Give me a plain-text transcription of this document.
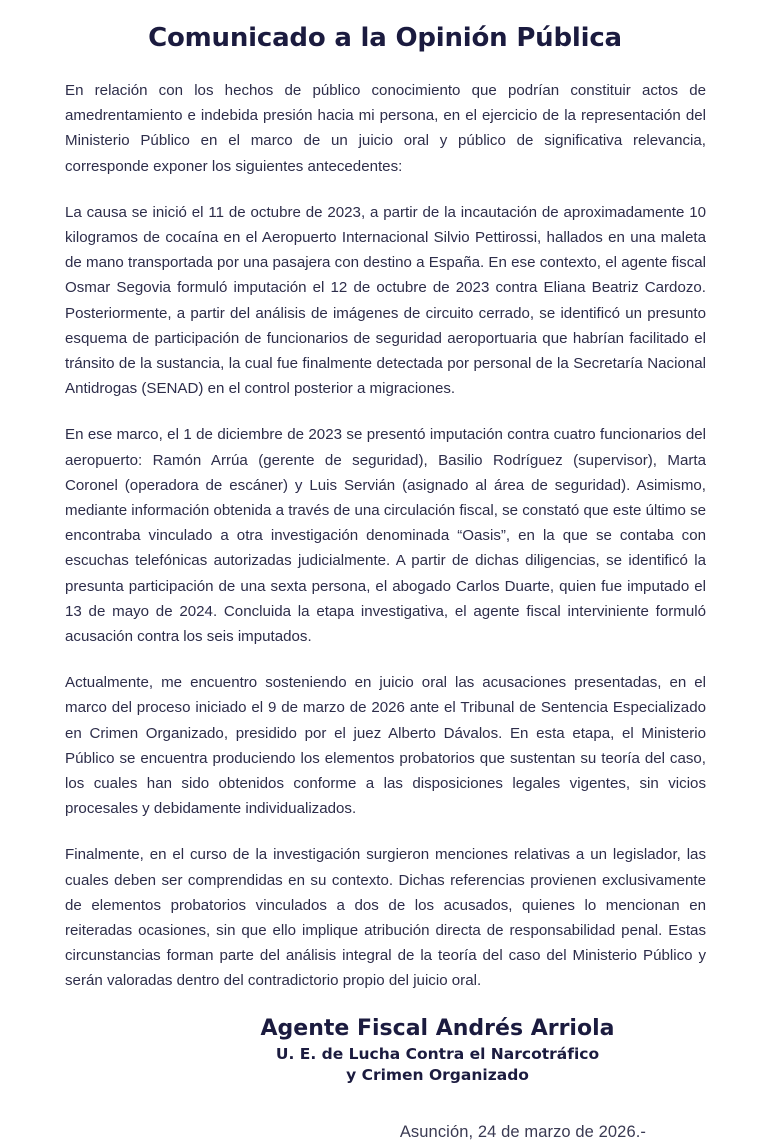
Comunicado a la Opinión Pública

En relación con los hechos de público conocimiento que podrían constituir actos de amedrentamiento e indebida presión hacia mi persona, en el ejercicio de la representación del Ministerio Público en el marco de un juicio oral y público de significativa relevancia, corresponde exponer los siguientes antecedentes:

La causa se inició el 11 de octubre de 2023, a partir de la incautación de aproximadamente 10 kilogramos de cocaína en el Aeropuerto Internacional Silvio Pettirossi, hallados en una maleta de mano transportada por una pasajera con destino a España. En ese contexto, el agente fiscal Osmar Segovia formuló imputación el 12 de octubre de 2023 contra Eliana Beatriz Cardozo. Posteriormente, a partir del análisis de imágenes de circuito cerrado, se identificó un presunto esquema de participación de funcionarios de seguridad aeroportuaria que habrían facilitado el tránsito de la sustancia, la cual fue finalmente detectada por personal de la Secretaría Nacional Antidrogas (SENAD) en el control posterior a migraciones.

En ese marco, el 1 de diciembre de 2023 se presentó imputación contra cuatro funcionarios del aeropuerto: Ramón Arrúa (gerente de seguridad), Basilio Rodríguez (supervisor), Marta Coronel (operadora de escáner) y Luis Servián (asignado al área de seguridad). Asimismo, mediante información obtenida a través de una circulación fiscal, se constató que este último se encontraba vinculado a otra investigación denominada “Oasis”, en la que se contaba con escuchas telefónicas autorizadas judicialmente. A partir de dichas diligencias, se identificó la presunta participación de una sexta persona, el abogado Carlos Duarte, quien fue imputado el 13 de mayo de 2024. Concluida la etapa investigativa, el agente fiscal interviniente formuló acusación contra los seis imputados.

Actualmente, me encuentro sosteniendo en juicio oral las acusaciones presentadas, en el marco del proceso iniciado el 9 de marzo de 2026 ante el Tribunal de Sentencia Especializado en Crimen Organizado, presidido por el juez Alberto Dávalos. En esta etapa, el Ministerio Público se encuentra produciendo los elementos probatorios que sustentan su teoría del caso, los cuales han sido obtenidos conforme a las disposiciones legales vigentes, sin vicios procesales y debidamente individualizados.

Finalmente, en el curso de la investigación surgieron menciones relativas a un legislador, las cuales deben ser comprendidas en su contexto. Dichas referencias provienen exclusivamente de elementos probatorios vinculados a dos de los acusados, quienes lo mencionan en reiteradas ocasiones, sin que ello implique atribución directa de responsabilidad penal. Estas circunstancias forman parte del análisis integral de la teoría del caso del Ministerio Público y serán valoradas dentro del contradictorio propio del juicio oral.

Agente Fiscal Andrés Arriola
U. E. de Lucha Contra el Narcotráfico
y Crimen Organizado
Asunción, 24 de marzo de 2026.-
